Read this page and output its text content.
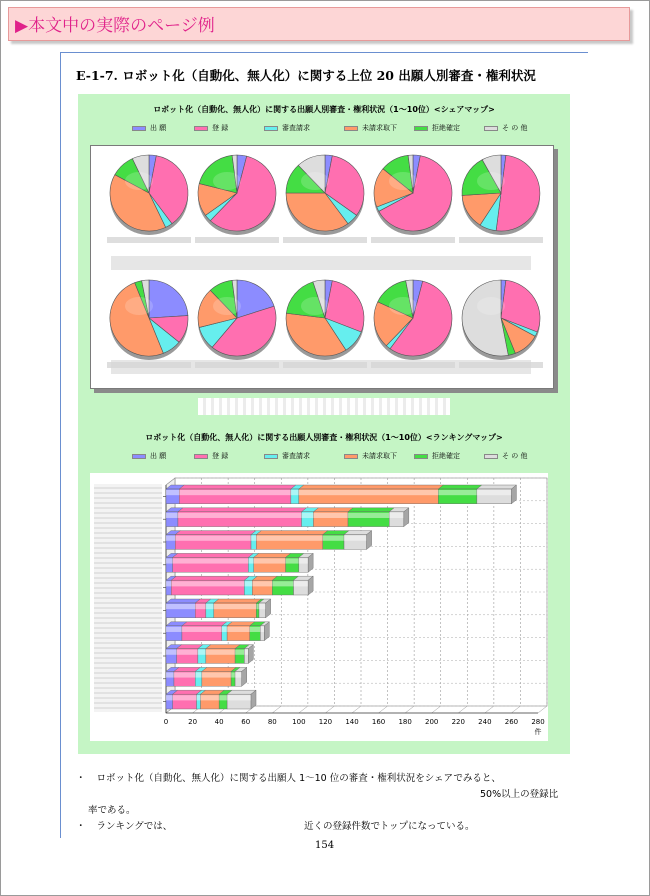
▶本文中の実際のページ例
E-1-7. ロボット化（自動化、無人化）に関する上位 20 出願人別審査・権利状況
ロボット化（自動化、無人化）に関する出願人別審査・権利状況（1～10位）<シェアマップ>
出 願	登 録	審査請求	未請求取下	拒絶確定	そ の 他
ロボット化（自動化、無人化）に関する出願人別審査・権利状況（1～10位）<ランキングマップ>
出 願	登 録	審査請求	未請求取下	拒絶確定	そ の 他
0	20	40	60	80 100 120 140 160 180 200 220 240 260 280
件
・ ロボット化（自動化、無人化）に関する出願人 1～10 位の審査・権利状況をシェアでみると、
50%以上の登録比
率である。
・ ランキングでは、	近くの登録件数でトップになっている。
154
